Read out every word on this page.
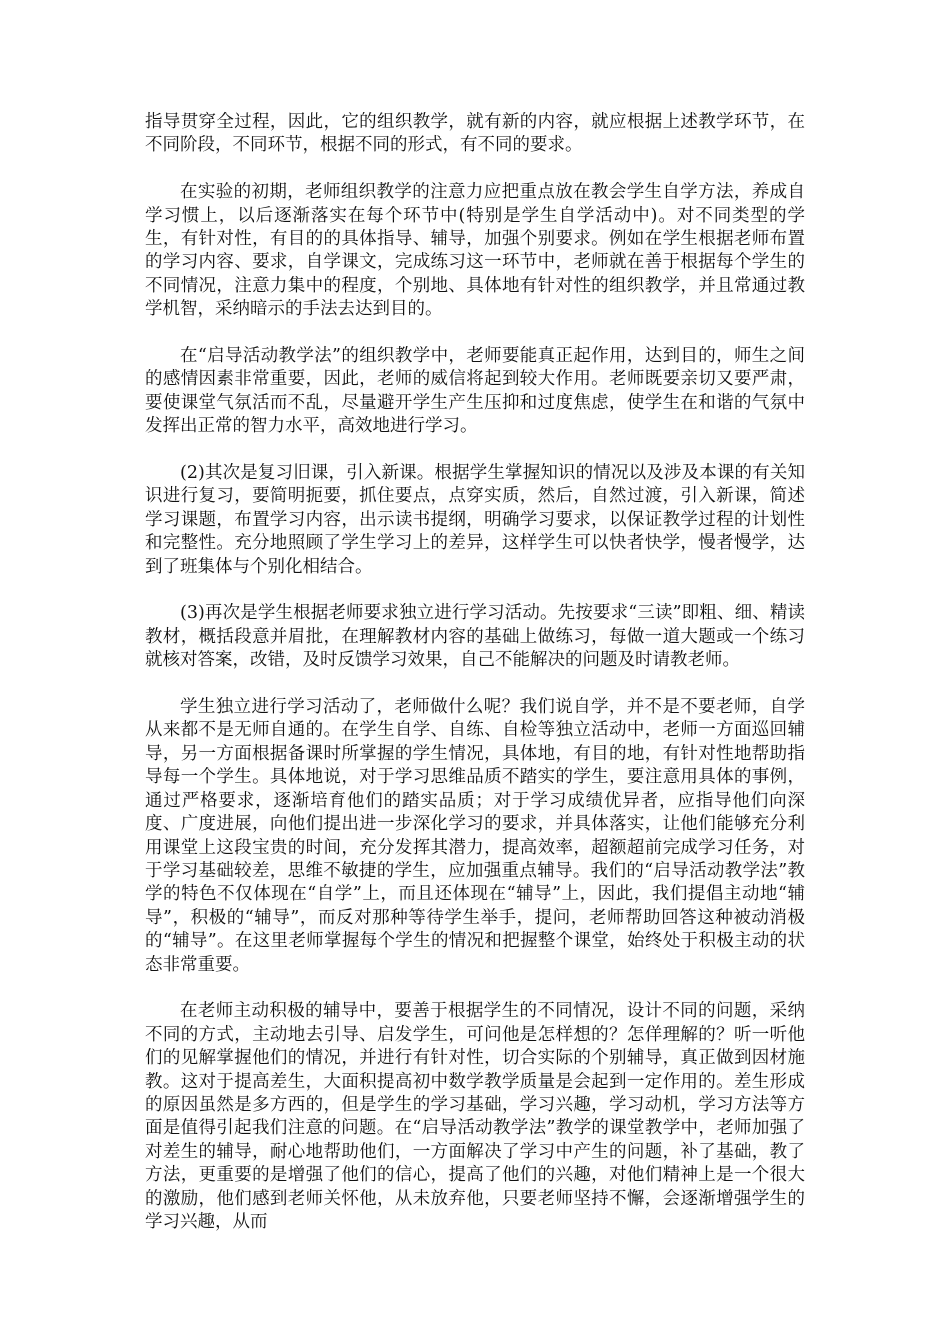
指导贯穿全过程，因此，它的组织教学，就有新的内容，就应根据上述教学环节，在不同阶段，不同环节，根据不同的形式，有不同的要求。

在实验的初期，老师组织教学的注意力应把重点放在教会学生自学方法，养成自学习惯上，以后逐渐落实在每个环节中(特别是学生自学活动中)。对不同类型的学生，有针对性，有目的的具体指导、辅导，加强个别要求。例如在学生根据老师布置的学习内容、要求，自学课文，完成练习这一环节中，老师就在善于根据每个学生的不同情况，注意力集中的程度，个别地、具体地有针对性的组织教学，并且常通过教学机智，采纳暗示的手法去达到目的。

在“启导活动教学法”的组织教学中，老师要能真正起作用，达到目的，师生之间的感情因素非常重要，因此，老师的威信将起到较大作用。老师既要亲切又要严肃，要使课堂气氛活而不乱，尽量避开学生产生压抑和过度焦虑，使学生在和谐的气氛中发挥出正常的智力水平，高效地进行学习。

(2)其次是复习旧课，引入新课。根据学生掌握知识的情况以及涉及本课的有关知识进行复习，要简明扼要，抓住要点，点穿实质，然后，自然过渡，引入新课，简述学习课题，布置学习内容，出示读书提纲，明确学习要求，以保证教学过程的计划性和完整性。充分地照顾了学生学习上的差异，这样学生可以快者快学，慢者慢学，达到了班集体与个别化相结合。

(3)再次是学生根据老师要求独立进行学习活动。先按要求“三读”即粗、细、精读教材，概括段意并眉批，在理解教材内容的基础上做练习，每做一道大题或一个练习就核对答案，改错，及时反馈学习效果，自己不能解决的问题及时请教老师。

学生独立进行学习活动了，老师做什么呢？我们说自学，并不是不要老师，自学从来都不是无师自通的。在学生自学、自练、自检等独立活动中，老师一方面巡回辅导，另一方面根据备课时所掌握的学生情况，具体地，有目的地，有针对性地帮助指导每一个学生。具体地说，对于学习思维品质不踏实的学生，要注意用具体的事例，通过严格要求，逐渐培育他们的踏实品质；对于学习成绩优异者，应指导他们向深度、广度进展，向他们提出进一步深化学习的要求，并具体落实，让他们能够充分利用课堂上这段宝贵的时间，充分发挥其潜力，提高效率，超额超前完成学习任务，对于学习基础较差，思维不敏捷的学生，应加强重点辅导。我们的“启导活动教学法”教学的特色不仅体现在“自学”上，而且还体现在“辅导”上，因此，我们提倡主动地“辅导”，积极的“辅导”，而反对那种等待学生举手，提问，老师帮助回答这种被动消极的“辅导”。在这里老师掌握每个学生的情况和把握整个课堂，始终处于积极主动的状态非常重要。

在老师主动积极的辅导中，要善于根据学生的不同情况，设计不同的问题，采纳不同的方式，主动地去引导、启发学生，可问他是怎样想的？怎佯理解的？听一听他们的见解掌握他们的情况，并进行有针对性，切合实际的个别辅导，真正做到因材施教。这对于提高差生，大面积提高初中数学教学质量是会起到一定作用的。差生形成的原因虽然是多方西的，但是学生的学习基础，学习兴趣，学习动机，学习方法等方面是值得引起我们注意的问题。在“启导活动教学法”教学的课堂教学中，老师加强了对差生的辅导，耐心地帮助他们，一方面解决了学习中产生的问题，补了基础，教了方法，更重要的是增强了他们的信心，提高了他们的兴趣，对他们精神上是一个很大的激励，他们感到老师关怀他，从未放弃他，只要老师坚持不懈，会逐渐增强学生的学习兴趣，从而
